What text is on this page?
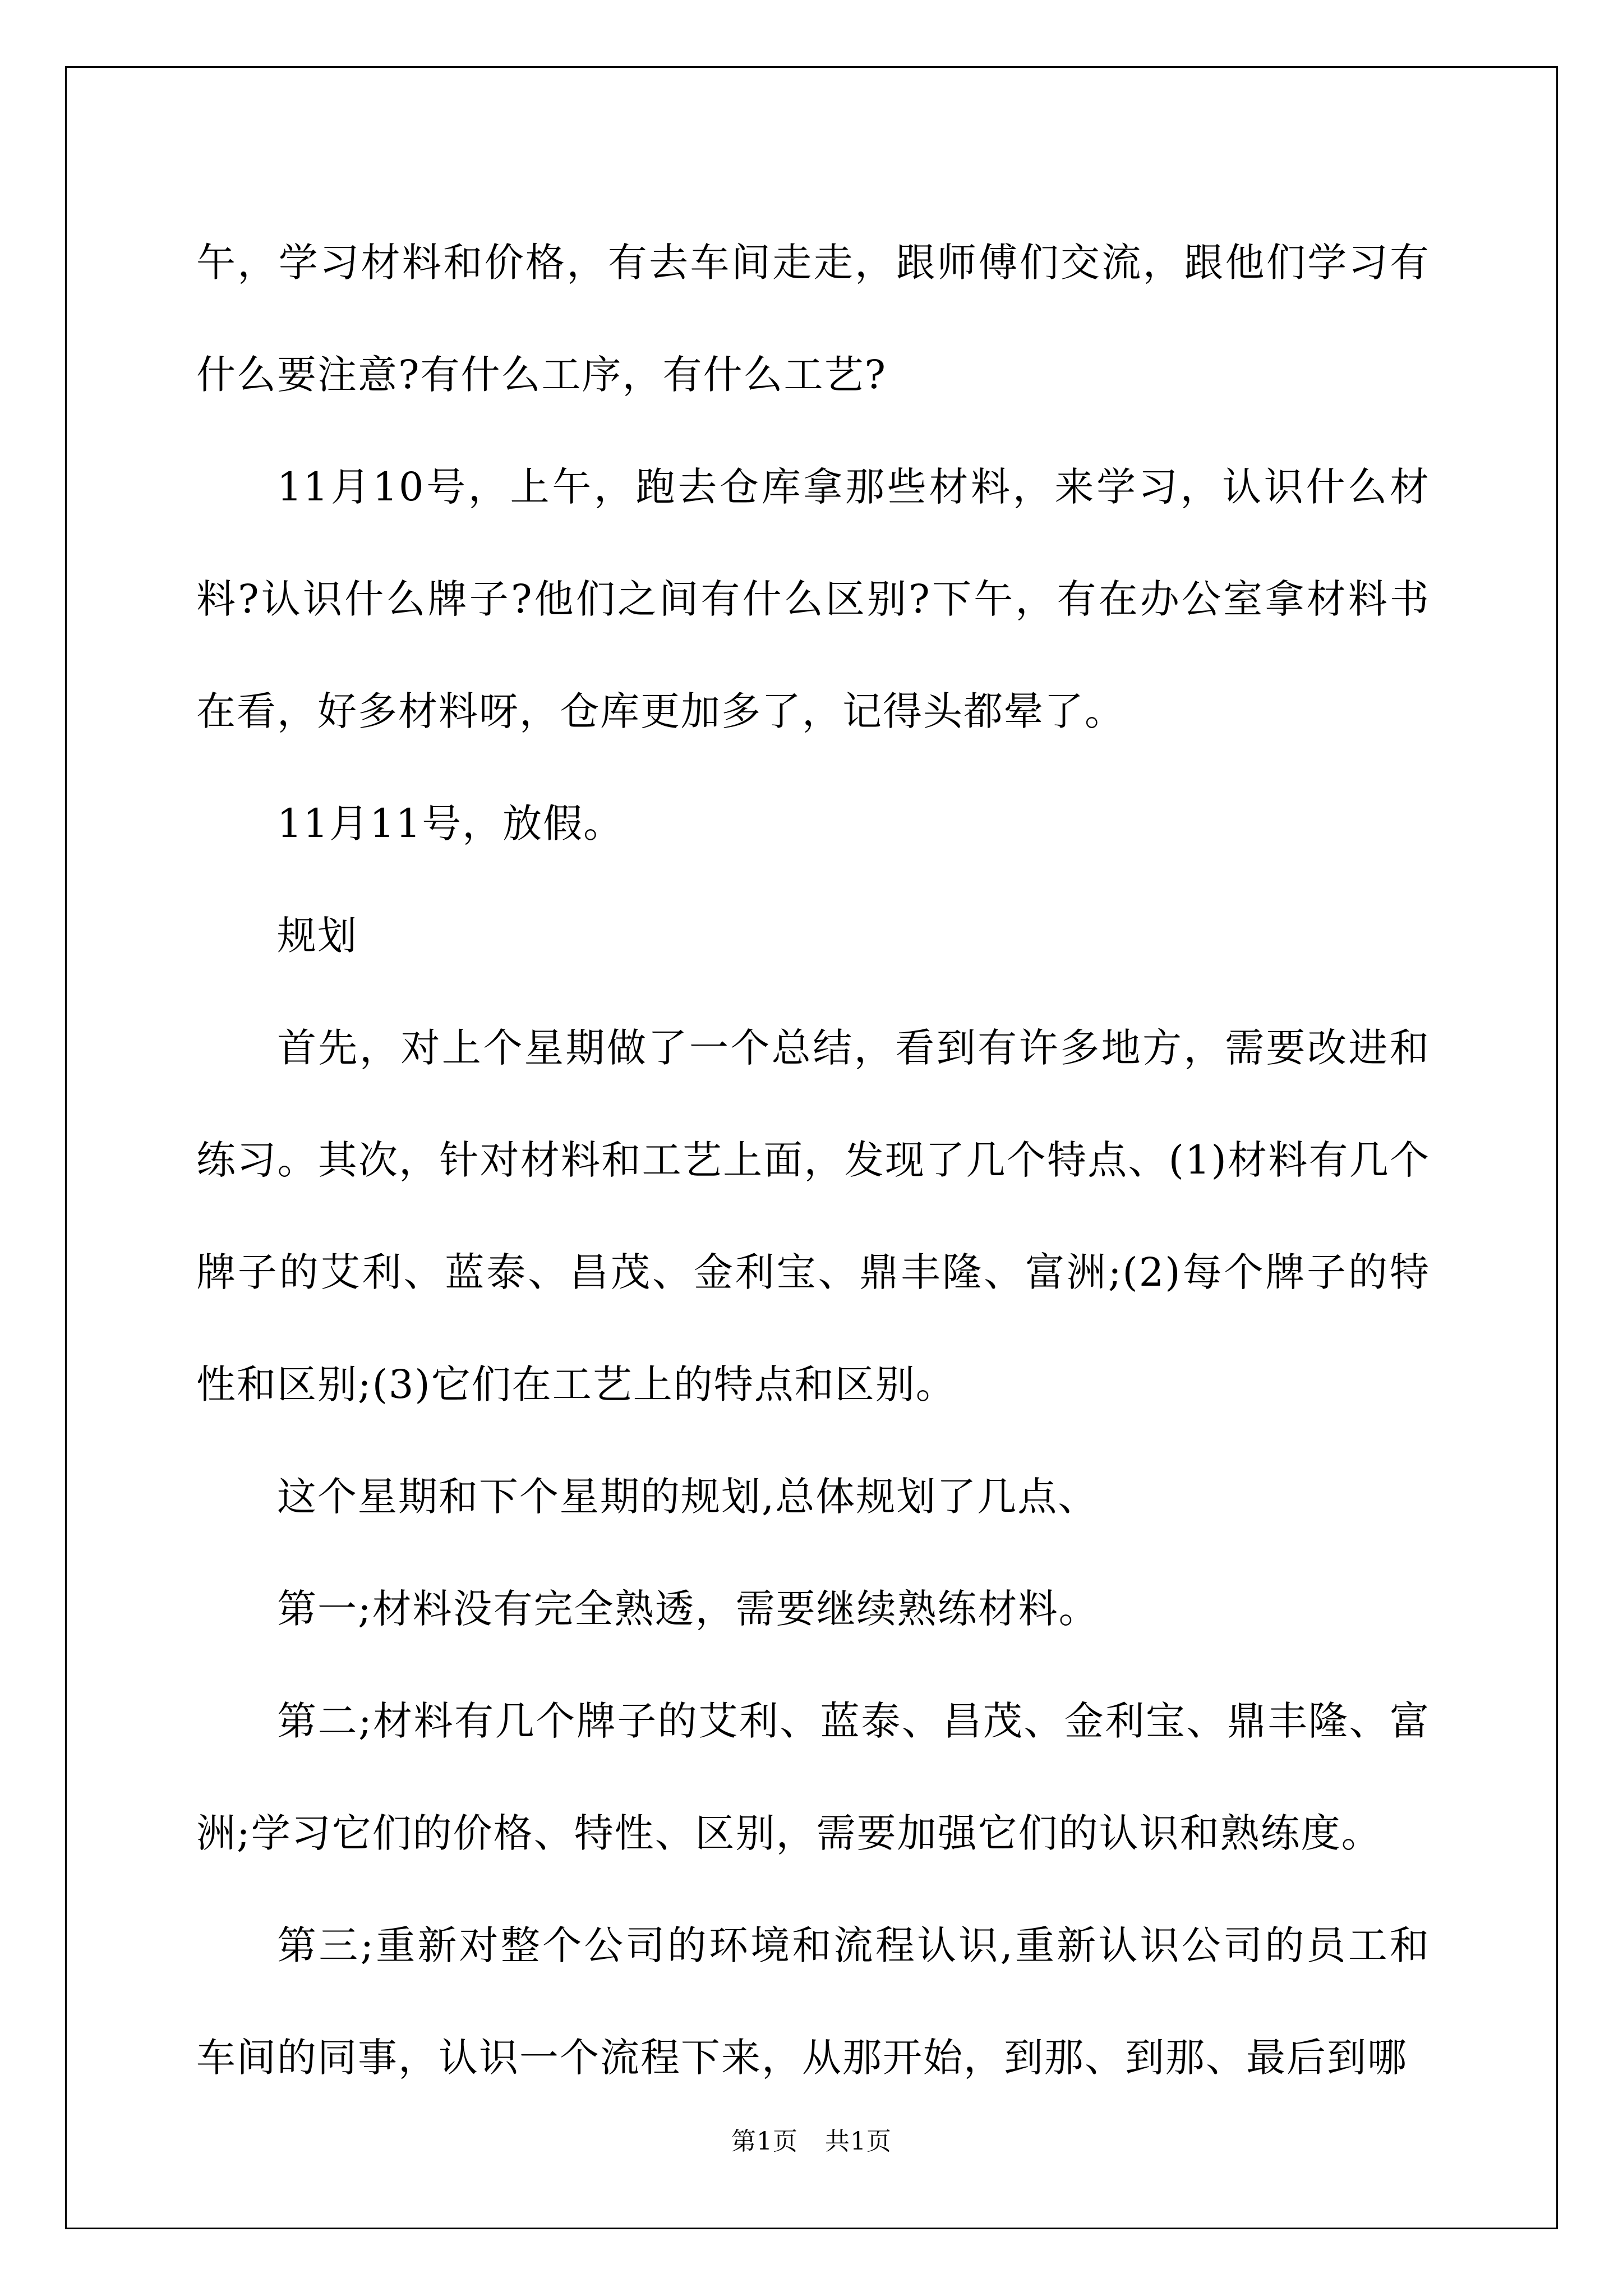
午，学习材料和价格，有去车间走走，跟师傅们交流，跟他们学习有什么要注意?有什么工序，有什么工艺?

11月10号，上午，跑去仓库拿那些材料，来学习，认识什么材料?认识什么牌子?他们之间有什么区别?下午，有在办公室拿材料书在看，好多材料呀，仓库更加多了，记得头都晕了。

11月11号，放假。

规划

首先，对上个星期做了一个总结，看到有许多地方，需要改进和练习。其次，针对材料和工艺上面，发现了几个特点、(1)材料有几个牌子的艾利、蓝泰、昌茂、金利宝、鼎丰隆、富洲;(2)每个牌子的特性和区别;(3)它们在工艺上的特点和区别。

这个星期和下个星期的规划,总体规划了几点、

第一;材料没有完全熟透，需要继续熟练材料。

第二;材料有几个牌子的艾利、蓝泰、昌茂、金利宝、鼎丰隆、富洲;学习它们的价格、特性、区别，需要加强它们的认识和熟练度。

第三;重新对整个公司的环境和流程认识,重新认识公司的员工和车间的同事，认识一个流程下来，从那开始，到那、到那、最后到哪

第1页 共1页
